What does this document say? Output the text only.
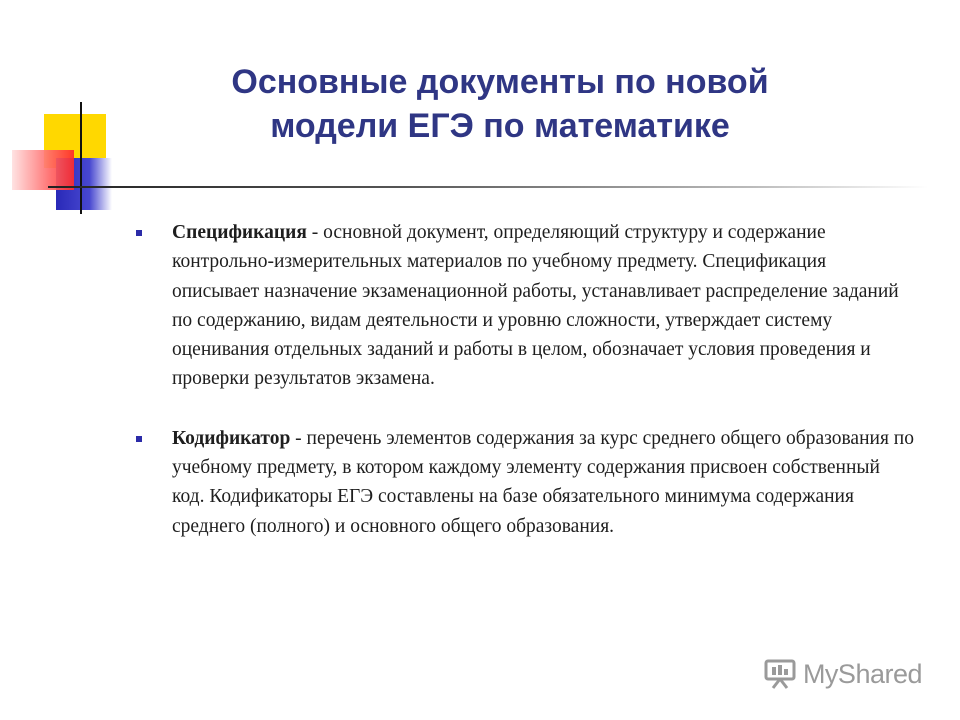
Основные документы по новой
модели ЕГЭ по математике
Спецификация - основной документ, определяющий структуру и содержание контрольно-измерительных материалов по учебному предмету. Спецификация описывает назначение экзаменационной работы, устанавливает распределение заданий по содержанию, видам деятельности и уровню сложности, утверждает систему оценивания отдельных заданий и работы в целом, обозначает условия проведения и проверки результатов экзамена.
Кодификатор - перечень элементов содержания за курс среднего общего образования по учебному предмету, в котором каждому элементу содержания присвоен собственный код. Кодификаторы ЕГЭ составлены на базе обязательного минимума содержания среднего (полного) и основного общего образования.
MyShared
